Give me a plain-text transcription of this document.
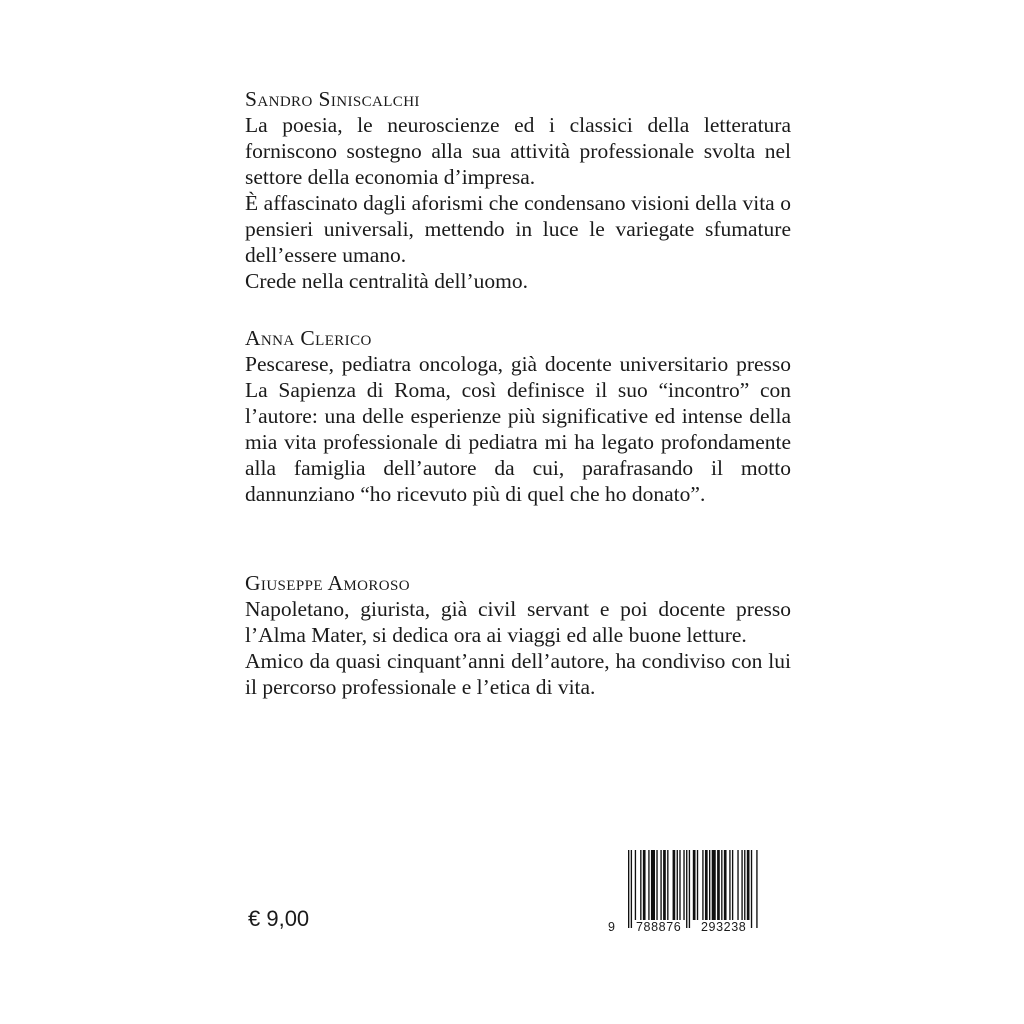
Sandro Siniscalchi
La poesia, le neuroscienze ed i classici della letteratura forniscono sostegno alla sua attività professionale svolta nel settore della economia d’impresa.
È affascinato dagli aforismi che condensano visioni della vita o pensieri universali, mettendo in luce le variegate sfumature dell’essere umano.
Crede nella centralità dell’uomo.
Anna Clerico
Pescarese, pediatra oncologa, già docente universitario presso La Sapienza di Roma, così definisce il suo “incontro” con l’autore: una delle esperienze più significative ed intense della mia vita professionale di pediatra mi ha legato profondamente alla famiglia dell’autore da cui, parafrasando il motto dannunziano “ho ricevuto più di quel che ho donato”.
Giuseppe Amoroso
Napoletano, giurista, già civil servant e poi docente presso l’Alma Mater, si dedica ora ai viaggi ed alle buone letture.
Amico da quasi cinquant’anni dell’autore, ha condiviso con lui il percorso professionale e l’etica di vita.
€ 9,00	9 788876 293238
